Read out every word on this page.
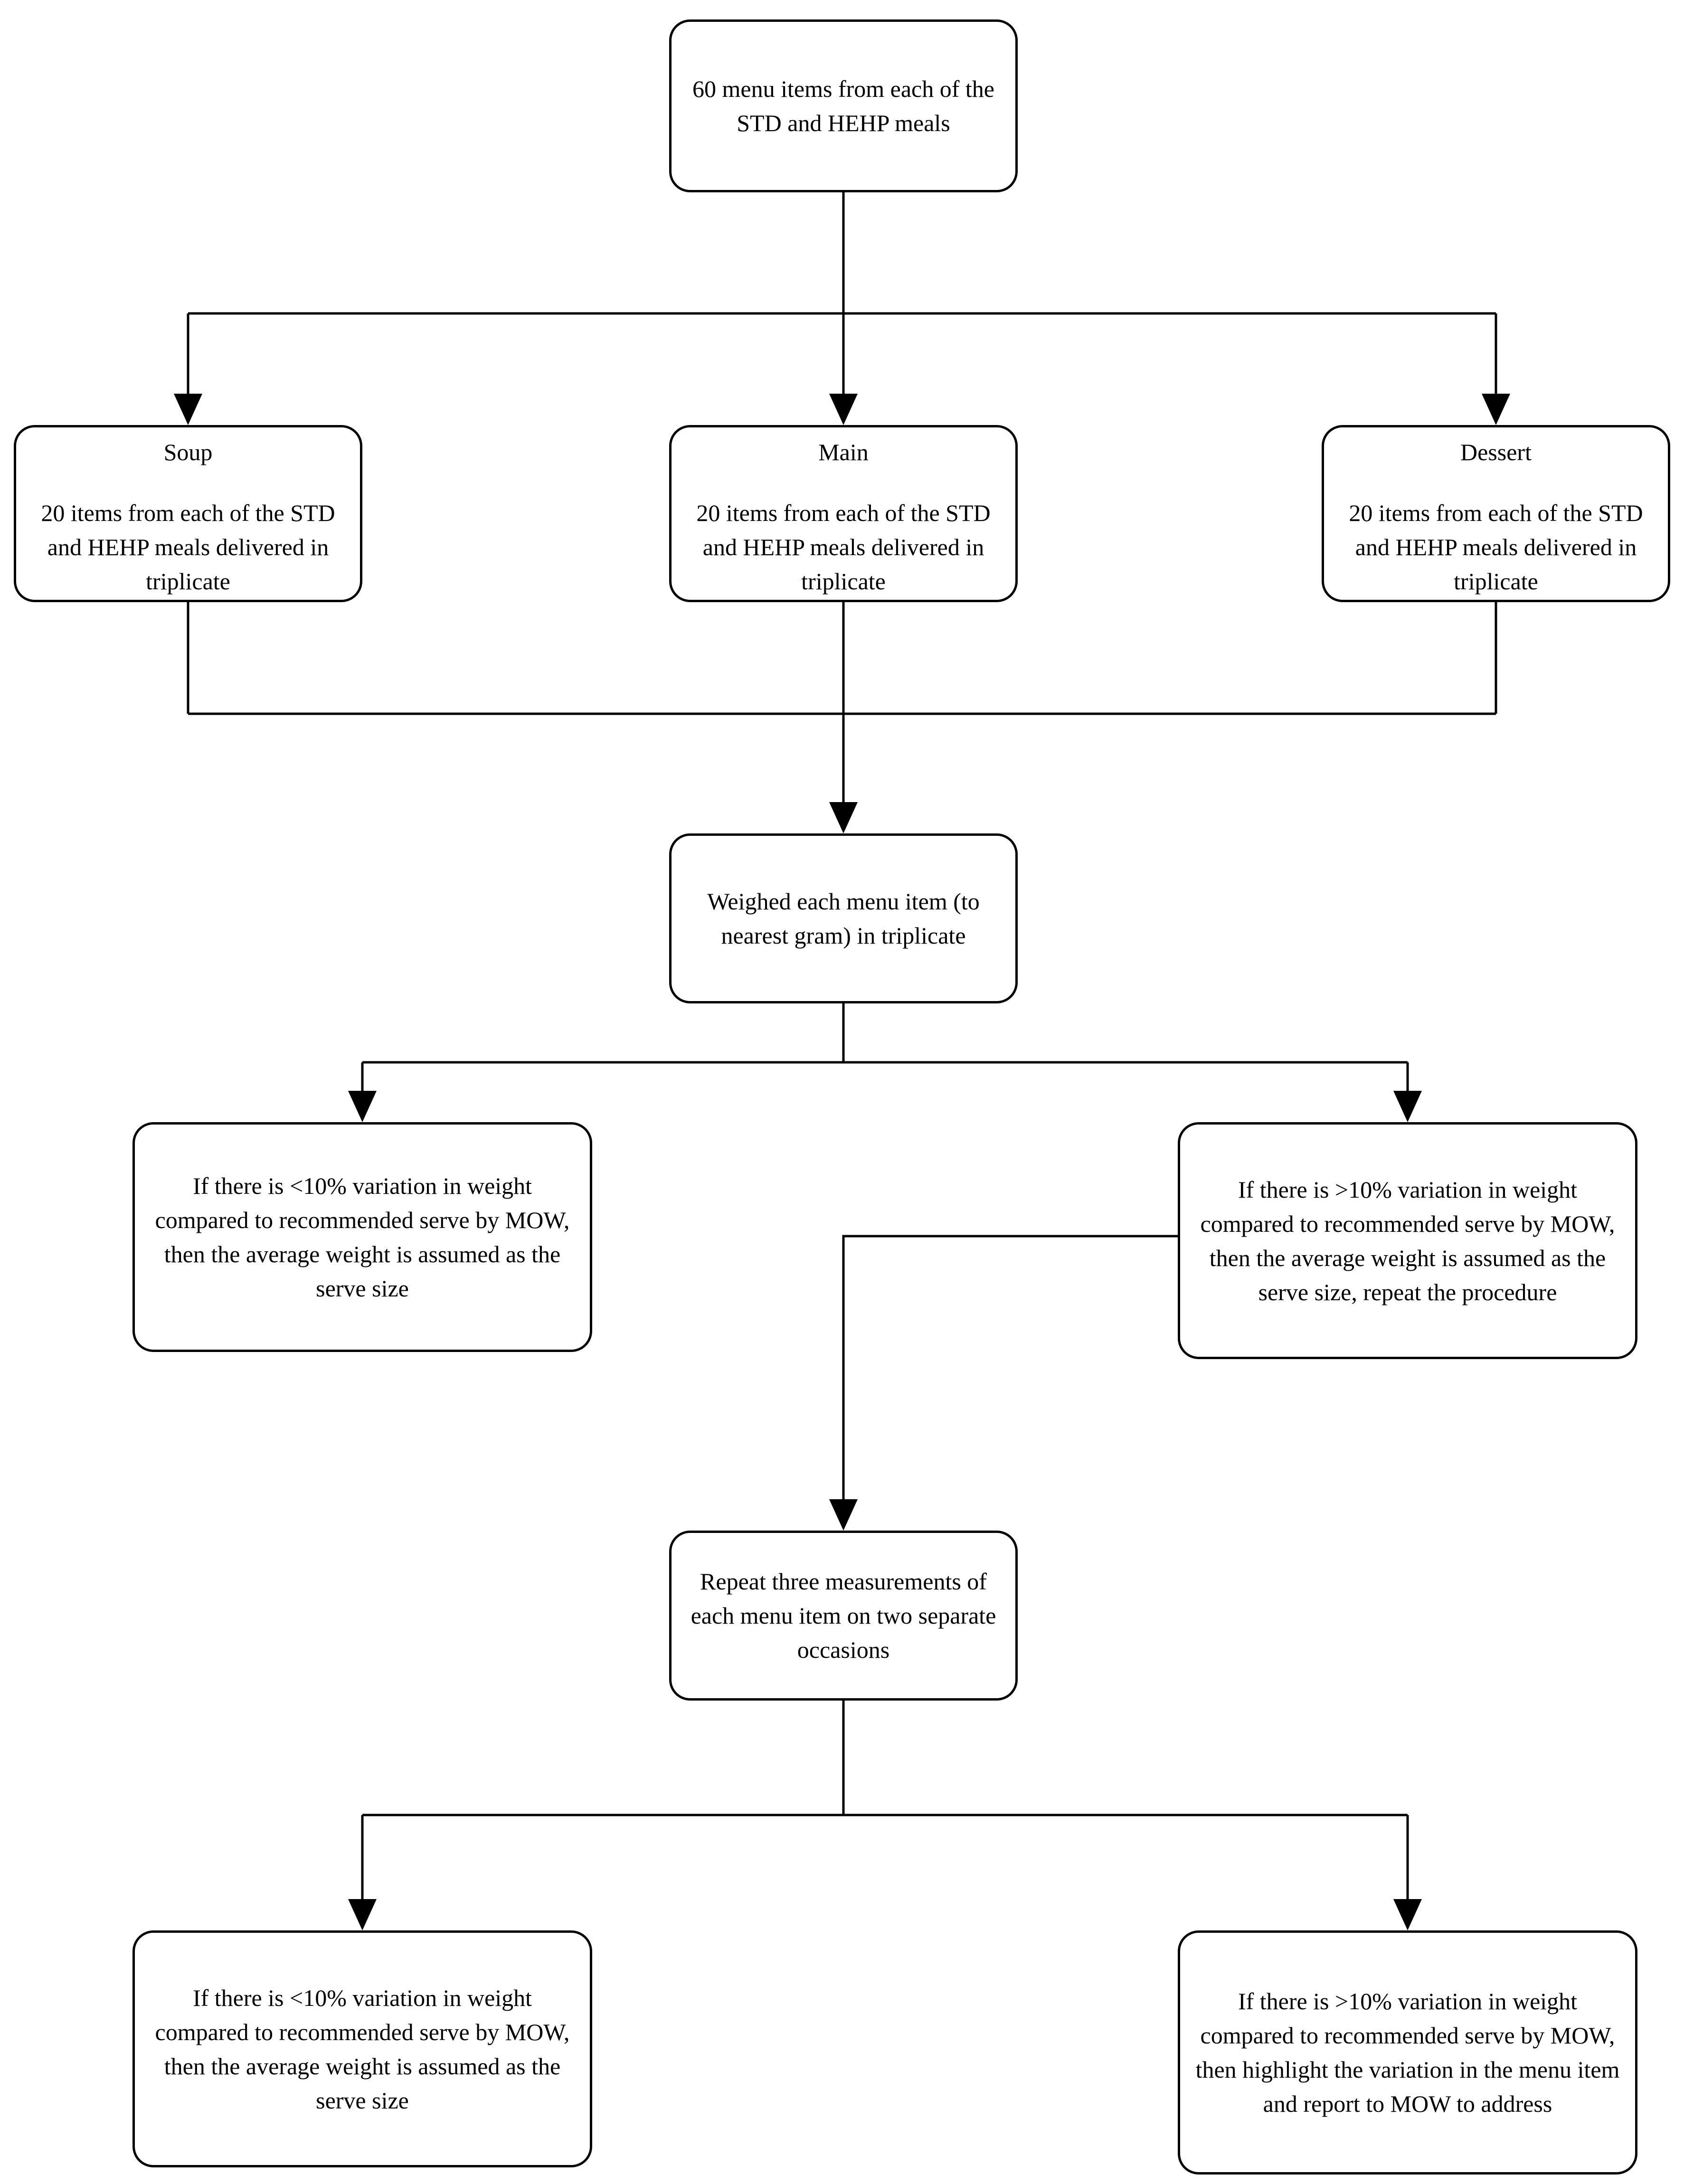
60 menu items from each of the STD and HEHP meals
Soup
20 items from each of the STD and HEHP meals delivered in triplicate
Main
20 items from each of the STD and HEHP meals delivered in triplicate
Dessert
20 items from each of the STD and HEHP meals delivered in triplicate
Weighed each menu item (to nearest gram) in triplicate
If there is <10% variation in weight compared to recommended serve by MOW, then the average weight is assumed as the serve size
If there is >10% variation in weight compared to recommended serve by MOW, then the average weight is assumed as the serve size, repeat the procedure
Repeat three measurements of each menu item on two separate occasions
If there is <10% variation in weight compared to recommended serve by MOW, then the average weight is assumed as the serve size
If there is >10% variation in weight compared to recommended serve by MOW, then highlight the variation in the menu item and report to MOW to address
